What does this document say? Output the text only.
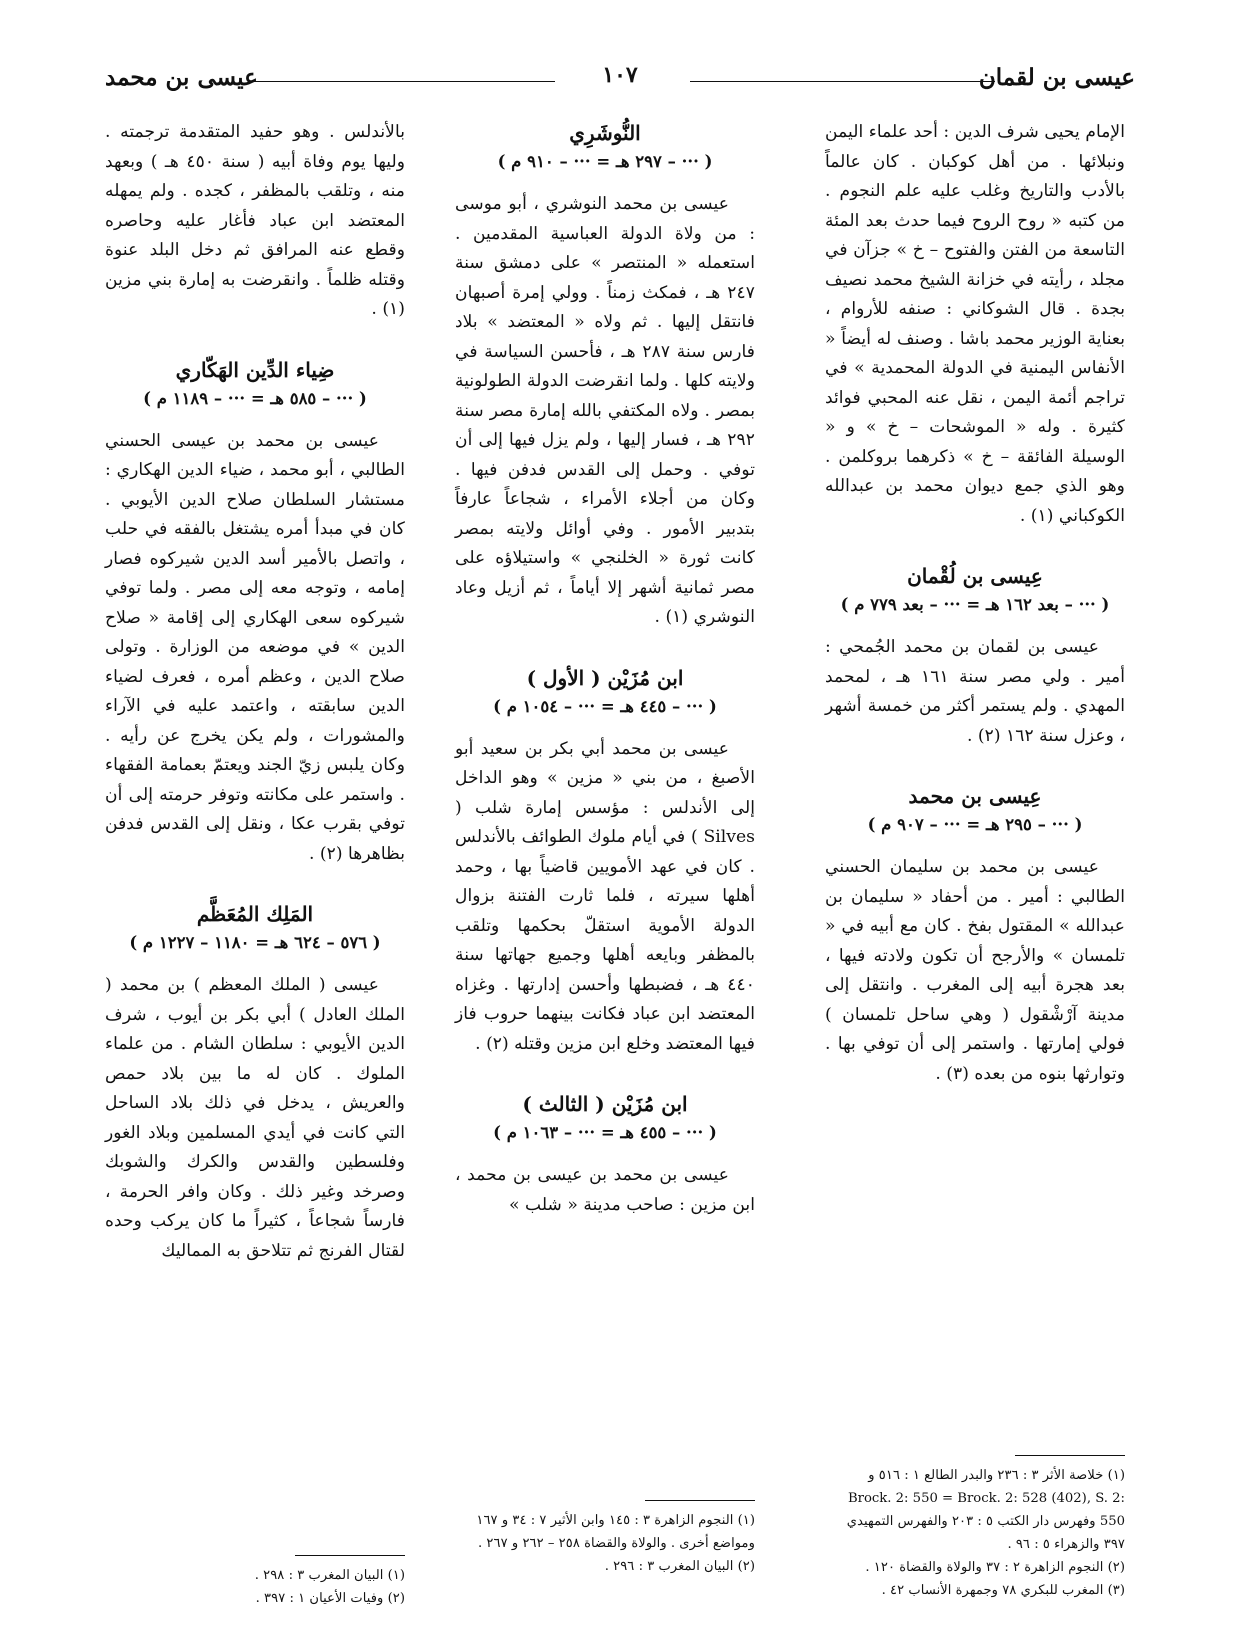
عيسى بن لقمان
١٠٧
عيسى بن محمد

الإمام يحيى شرف الدين : أحد علماء اليمن ونبلائها . من أهل كوكبان . كان عالماً بالأدب والتاريخ وغلب عليه علم النجوم . من كتبه « روح الروح فيما حدث بعد المئة التاسعة من الفتن والفتوح – خ » جزآن في مجلد ، رأيته في خزانة الشيخ محمد نصيف بجدة . قال الشوكاني : صنفه للأروام ، بعناية الوزير محمد باشا . وصنف له أيضاً « الأنفاس اليمنية في الدولة المحمدية » في تراجم أئمة اليمن ، نقل عنه المحبي فوائد كثيرة . وله « الموشحات – خ » و « الوسيلة الفائقة – خ » ذكرهما بروكلمن . وهو الذي جمع ديوان محمد بن عبدالله الكوكباني (١) .

عِيسى بن لُقْمان

( ··· – بعد ١٦٢ هـ = ··· – بعد ٧٧٩ م )

عيسى بن لقمان بن محمد الجُمحي : أمير . ولي مصر سنة ١٦١ هـ ، لمحمد المهدي . ولم يستمر أكثر من خمسة أشهر ، وعزل سنة ١٦٢ (٢) .

عِيسى بن محمد

( ··· – ٢٩٥ هـ = ··· – ٩٠٧ م )

عيسى بن محمد بن سليمان الحسني الطالبي : أمير . من أحفاد « سليمان بن عبدالله » المقتول بفخ . كان مع أبيه في « تلمسان » والأرجح أن تكون ولادته فيها ، بعد هجرة أبيه إلى المغرب . وانتقل إلى مدينة آرْشْقول ( وهي ساحل تلمسان ) فولي إمارتها . واستمر إلى أن توفي بها . وتوارثها بنوه من بعده (٣) .

(١) خلاصة الأثر ٣ : ٢٣٦ والبدر الطالع ١ : ٥١٦ و Brock. 2: 550 = Brock. 2: 528 (402), S. 2: 550 وفهرس دار الكتب ٥ : ٢٠٣ والفهرس التمهيدي ٣٩٧ والزهراء ٥ : ٩٦ .

(٢) النجوم الزاهرة ٢ : ٣٧ والولاة والقضاة ١٢٠ .

(٣) المغرب للبكري ٧٨ وجمهرة الأنساب ٤٢ .

النُّوشَرِي

( ··· – ٢٩٧ هـ = ··· – ٩١٠ م )

عيسى بن محمد النوشري ، أبو موسى : من ولاة الدولة العباسية المقدمين . استعمله « المنتصر » على دمشق سنة ٢٤٧ هـ ، فمكث زمناً . وولي إمرة أصبهان فانتقل إليها . ثم ولاه « المعتضد » بلاد فارس سنة ٢٨٧ هـ ، فأحسن السياسة في ولايته كلها . ولما انقرضت الدولة الطولونية بمصر . ولاه المكتفي بالله إمارة مصر سنة ٢٩٢ هـ ، فسار إليها ، ولم يزل فيها إلى أن توفي . وحمل إلى القدس فدفن فيها . وكان من أجلاء الأمراء ، شجاعاً عارفاً بتدبير الأمور . وفي أوائل ولايته بمصر كانت ثورة « الخلنجي » واستيلاؤه على مصر ثمانية أشهر إلا أياماً ، ثم أزيل وعاد النوشري (١) .

ابن مُزَيْن ( الأول )

( ··· – ٤٤٥ هـ = ··· – ١٠٥٤ م )

عيسى بن محمد أبي بكر بن سعيد أبو الأصبغ ، من بني « مزين » وهو الداخل إلى الأندلس : مؤسس إمارة شلب ( Silves ) في أيام ملوك الطوائف بالأندلس . كان في عهد الأمويين قاضياً بها ، وحمد أهلها سيرته ، فلما ثارت الفتنة بزوال الدولة الأموية استقلّ بحكمها وتلقب بالمظفر وبايعه أهلها وجميع جهاتها سنة ٤٤٠ هـ ، فضبطها وأحسن إدارتها . وغزاه المعتضد ابن عباد فكانت بينهما حروب فاز فيها المعتضد وخلع ابن مزين وقتله (٢) .

ابن مُزَيْن ( الثالث )

( ··· – ٤٥٥ هـ = ··· – ١٠٦٣ م )

عيسى بن محمد بن عيسى بن محمد ، ابن مزين : صاحب مدينة « شلب »

(١) النجوم الزاهرة ٣ : ١٤٥ وابن الأثير ٧ : ٣٤ و ١٦٧ ومواضع أخرى . والولاة والقضاة ٢٥٨ – ٢٦٢ و ٢٦٧ .

(٢) البيان المغرب ٣ : ٢٩٦ .

بالأندلس . وهو حفيد المتقدمة ترجمته . وليها يوم وفاة أبيه ( سنة ٤٥٠ هـ ) وبعهد منه ، وتلقب بالمظفر ، كجده . ولم يمهله المعتضد ابن عباد فأغار عليه وحاصره وقطع عنه المرافق ثم دخل البلد عنوة وقتله ظلماً . وانقرضت به إمارة بني مزين (١) .

ضِياء الدِّين الهَكّاري

( ··· – ٥٨٥ هـ = ··· – ١١٨٩ م )

عيسى بن محمد بن عيسى الحسني الطالبي ، أبو محمد ، ضياء الدين الهكاري : مستشار السلطان صلاح الدين الأيوبي . كان في مبدأ أمره يشتغل بالفقه في حلب ، واتصل بالأمير أسد الدين شيركوه فصار إمامه ، وتوجه معه إلى مصر . ولما توفي شيركوه سعى الهكاري إلى إقامة « صلاح الدين » في موضعه من الوزارة . وتولى صلاح الدين ، وعظم أمره ، فعرف لضياء الدين سابقته ، واعتمد عليه في الآراء والمشورات ، ولم يكن يخرج عن رأيه . وكان يلبس زيّ الجند ويعتمّ بعمامة الفقهاء . واستمر على مكانته وتوفر حرمته إلى أن توفي بقرب عكا ، ونقل إلى القدس فدفن بظاهرها (٢) .

المَلِك المُعَظَّم

( ٥٧٦ – ٦٢٤ هـ = ١١٨٠ – ١٢٢٧ م )

عيسى ( الملك المعظم ) بن محمد ( الملك العادل ) أبي بكر بن أيوب ، شرف الدين الأيوبي : سلطان الشام . من علماء الملوك . كان له ما بين بلاد حمص والعريش ، يدخل في ذلك بلاد الساحل التي كانت في أيدي المسلمين وبلاد الغور وفلسطين والقدس والكرك والشوبك وصرخد وغير ذلك . وكان وافر الحرمة ، فارساً شجاعاً ، كثيراً ما كان يركب وحده لقتال الفرنج ثم تتلاحق به المماليك

(١) البيان المغرب ٣ : ٢٩٨ .

(٢) وفيات الأعيان ١ : ٣٩٧ .
